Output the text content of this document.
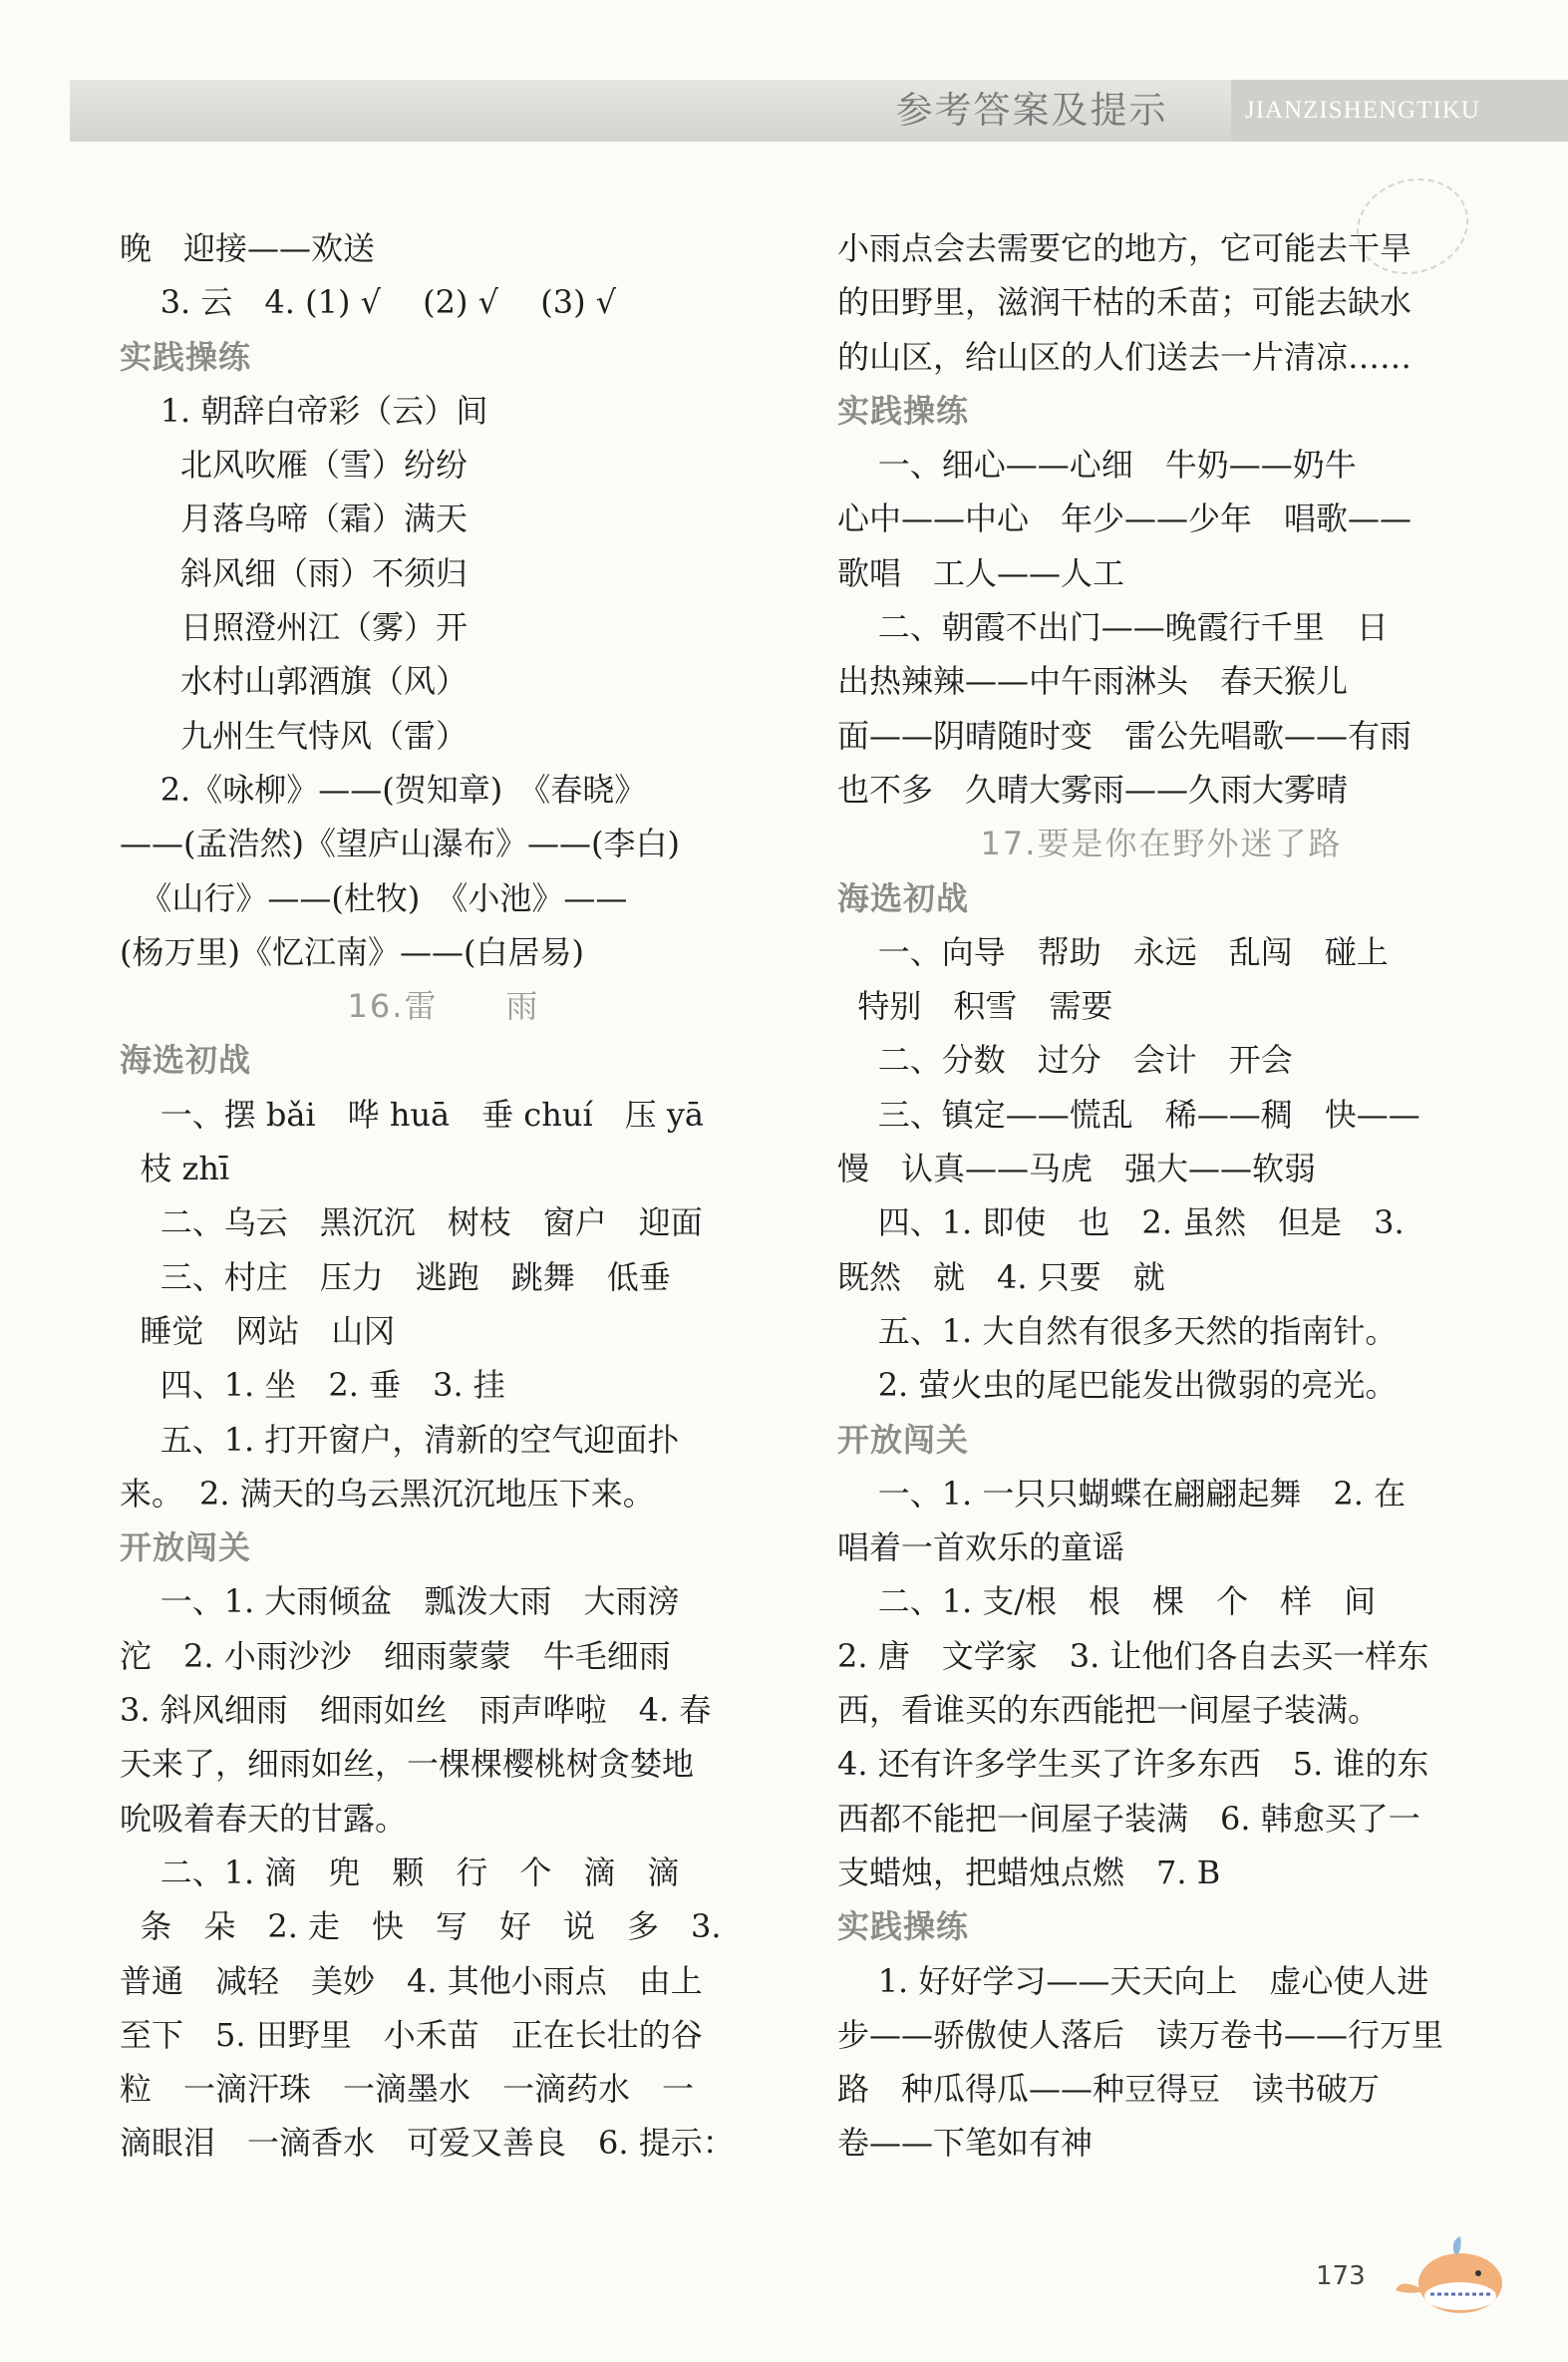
参考答案及提示	JIANZISHENGTIKU
晚　迎接——欢送
3. 云　4. (1) √　 (2) √　 (3) √
实践操练
1. 朝辞白帝彩（云）间
北风吹雁（雪）纷纷
月落乌啼（霜）满天
斜风细（雨）不须归
日照澄州江（雾）开
水村山郭酒旗（风）
九州生气恃风（雷）
2.《咏柳》——(贺知章)　《春晓》
——(孟浩然)《望庐山瀑布》——(李白)
《山行》——(杜牧)　《小池》——
(杨万里)《忆江南》——(白居易)
16.雷　　雨
海选初战
一、摆 bǎi　哗 huā　垂 chuí　压 yā
枝 zhī
二、乌云　黑沉沉　树枝　窗户　迎面
三、村庄　压力　逃跑　跳舞　低垂
睡觉　网站　山冈
四、1. 坐　2. 垂　3. 挂
五、1. 打开窗户，清新的空气迎面扑
来。　2. 满天的乌云黑沉沉地压下来。
开放闯关
一、1. 大雨倾盆　瓢泼大雨　大雨滂
沱　2. 小雨沙沙　细雨蒙蒙　牛毛细雨
3. 斜风细雨　细雨如丝　雨声哗啦　4. 春
天来了，细雨如丝，一棵棵樱桃树贪婪地
吮吸着春天的甘露。
二、1. 滴　兜　颗　行　个　滴　滴
条　朵　2. 走　快　写　好　说　多　3.
普通　减轻　美妙　4. 其他小雨点　由上
至下　5. 田野里　小禾苗　正在长壮的谷
粒　一滴汗珠　一滴墨水　一滴药水　一
滴眼泪　一滴香水　可爱又善良　6. 提示：
小雨点会去需要它的地方，它可能去干旱
的田野里，滋润干枯的禾苗；可能去缺水
的山区，给山区的人们送去一片清凉……
实践操练
一、细心——心细　牛奶——奶牛
心中——中心　年少——少年　唱歌——
歌唱　工人——人工
二、朝霞不出门——晚霞行千里　日
出热辣辣——中午雨淋头　春天猴儿
面——阴晴随时变　雷公先唱歌——有雨
也不多　久晴大雾雨——久雨大雾晴
17.要是你在野外迷了路
海选初战
一、向导　帮助　永远　乱闯　碰上
特别　积雪　需要
二、分数　过分　会计　开会
三、镇定——慌乱　稀——稠　快——
慢　认真——马虎　强大——软弱
四、1. 即使　也　2. 虽然　但是　3.
既然　就　4. 只要　就
五、1. 大自然有很多天然的指南针。
2. 萤火虫的尾巴能发出微弱的亮光。
开放闯关
一、1. 一只只蝴蝶在翩翩起舞　2. 在
唱着一首欢乐的童谣
二、1. 支/根　根　棵　个　样　间
2. 唐　文学家　3. 让他们各自去买一样东
西，看谁买的东西能把一间屋子装满。
4. 还有许多学生买了许多东西　5. 谁的东
西都不能把一间屋子装满　6. 韩愈买了一
支蜡烛，把蜡烛点燃　7. B
实践操练
1. 好好学习——天天向上　虚心使人进
步——骄傲使人落后　读万卷书——行万里
路　种瓜得瓜——种豆得豆　读书破万
卷——下笔如有神
173
